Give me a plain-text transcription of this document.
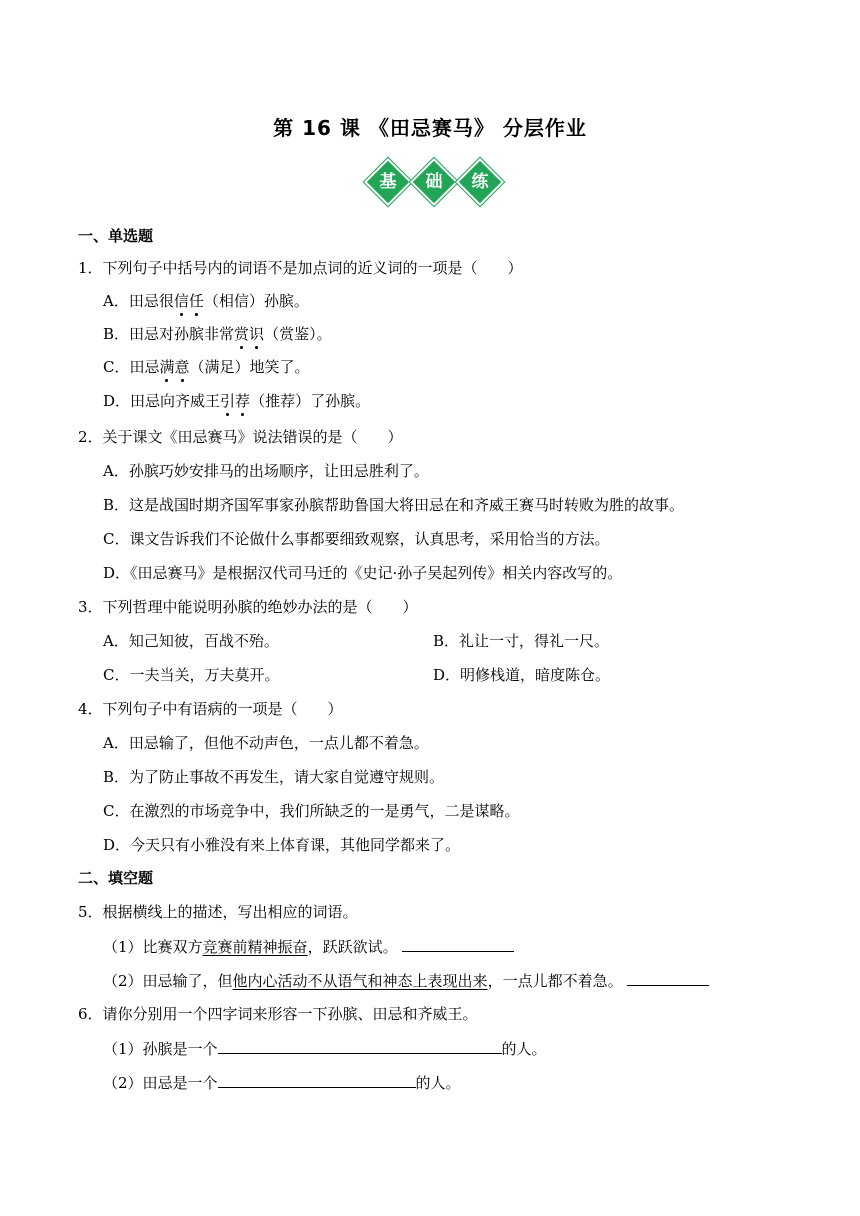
第 16 课 《田忌赛马》 分层作业
基	础	练
一、单选题
1．下列句子中括号内的词语不是加点词的近义词的一项是（　　）
A．田忌很信任（相信）孙膑。
B．田忌对孙膑非常赏识（赏鉴）。
C．田忌满意（满足）地笑了。
D．田忌向齐威王引荐（推荐）了孙膑。
2．关于课文《田忌赛马》说法错误的是（　　）
A．孙膑巧妙安排马的出场顺序，让田忌胜利了。
B．这是战国时期齐国军事家孙膑帮助鲁国大将田忌在和齐威王赛马时转败为胜的故事。
C．课文告诉我们不论做什么事都要细致观察，认真思考，采用恰当的方法。
D．《田忌赛马》是根据汉代司马迁的《史记·孙子吴起列传》相关内容改写的。
3．下列哲理中能说明孙膑的绝妙办法的是（　　）
A．知己知彼，百战不殆。	B．礼让一寸，得礼一尺。
C．一夫当关，万夫莫开。	D．明修栈道，暗度陈仓。
4．下列句子中有语病的一项是（　　）
A．田忌输了，但他不动声色，一点儿都不着急。
B．为了防止事故不再发生，请大家自觉遵守规则。
C．在激烈的市场竞争中，我们所缺乏的一是勇气，二是谋略。
D．今天只有小雅没有来上体育课，其他同学都来了。
二、填空题
5．根据横线上的描述，写出相应的词语。
（1）比赛双方竞赛前精神振奋，跃跃欲试。
（2）田忌输了，但他内心活动不从语气和神态上表现出来，一点儿都不着急。
6．请你分别用一个四字词来形容一下孙膑、田忌和齐威王。
（1）孙膑是一个	的人。
（2）田忌是一个	的人。
